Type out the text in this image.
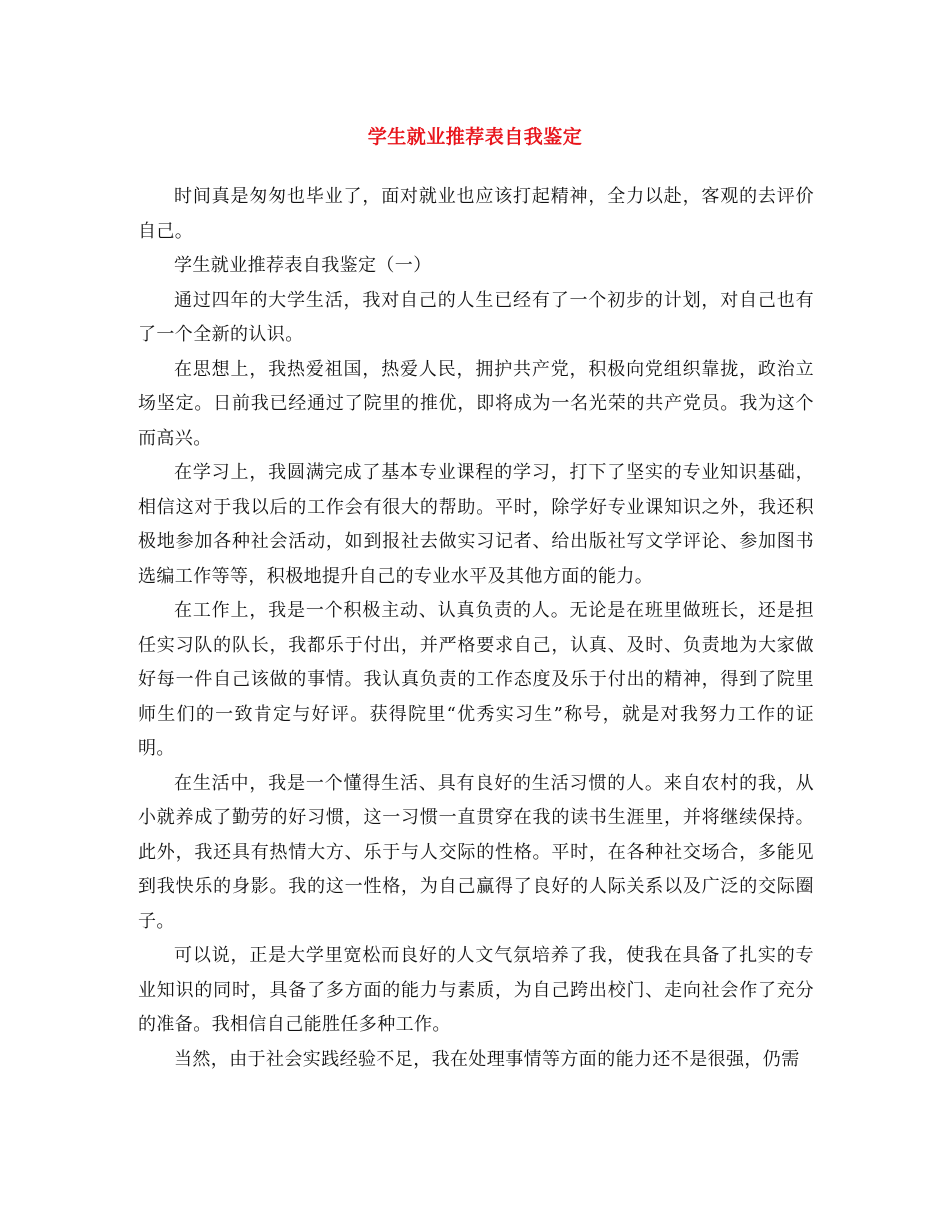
学生就业推荐表自我鉴定

时间真是匆匆也毕业了，面对就业也应该打起精神，全力以赴，客观的去评价自己。

学生就业推荐表自我鉴定（一）

通过四年的大学生活，我对自己的人生已经有了一个初步的计划，对自己也有了一个全新的认识。

在思想上，我热爱祖国，热爱人民，拥护共产党，积极向党组织靠拢，政治立场坚定。日前我已经通过了院里的推优，即将成为一名光荣的共产党员。我为这个而高兴。

在学习上，我圆满完成了基本专业课程的学习，打下了坚实的专业知识基础，相信这对于我以后的工作会有很大的帮助。平时，除学好专业课知识之外，我还积极地参加各种社会活动，如到报社去做实习记者、给出版社写文学评论、参加图书选编工作等等，积极地提升自己的专业水平及其他方面的能力。

在工作上，我是一个积极主动、认真负责的人。无论是在班里做班长，还是担任实习队的队长，我都乐于付出，并严格要求自己，认真、及时、负责地为大家做好每一件自己该做的事情。我认真负责的工作态度及乐于付出的精神，得到了院里师生们的一致肯定与好评。获得院里“优秀实习生”称号，就是对我努力工作的证明。

在生活中，我是一个懂得生活、具有良好的生活习惯的人。来自农村的我，从小就养成了勤劳的好习惯，这一习惯一直贯穿在我的读书生涯里，并将继续保持。此外，我还具有热情大方、乐于与人交际的性格。平时，在各种社交场合，多能见到我快乐的身影。我的这一性格，为自己赢得了良好的人际关系以及广泛的交际圈子。

可以说，正是大学里宽松而良好的人文气氛培养了我，使我在具备了扎实的专业知识的同时，具备了多方面的能力与素质，为自己跨出校门、走向社会作了充分的准备。我相信自己能胜任多种工作。

当然，由于社会实践经验不足，我在处理事情等方面的能力还不是很强，仍需
